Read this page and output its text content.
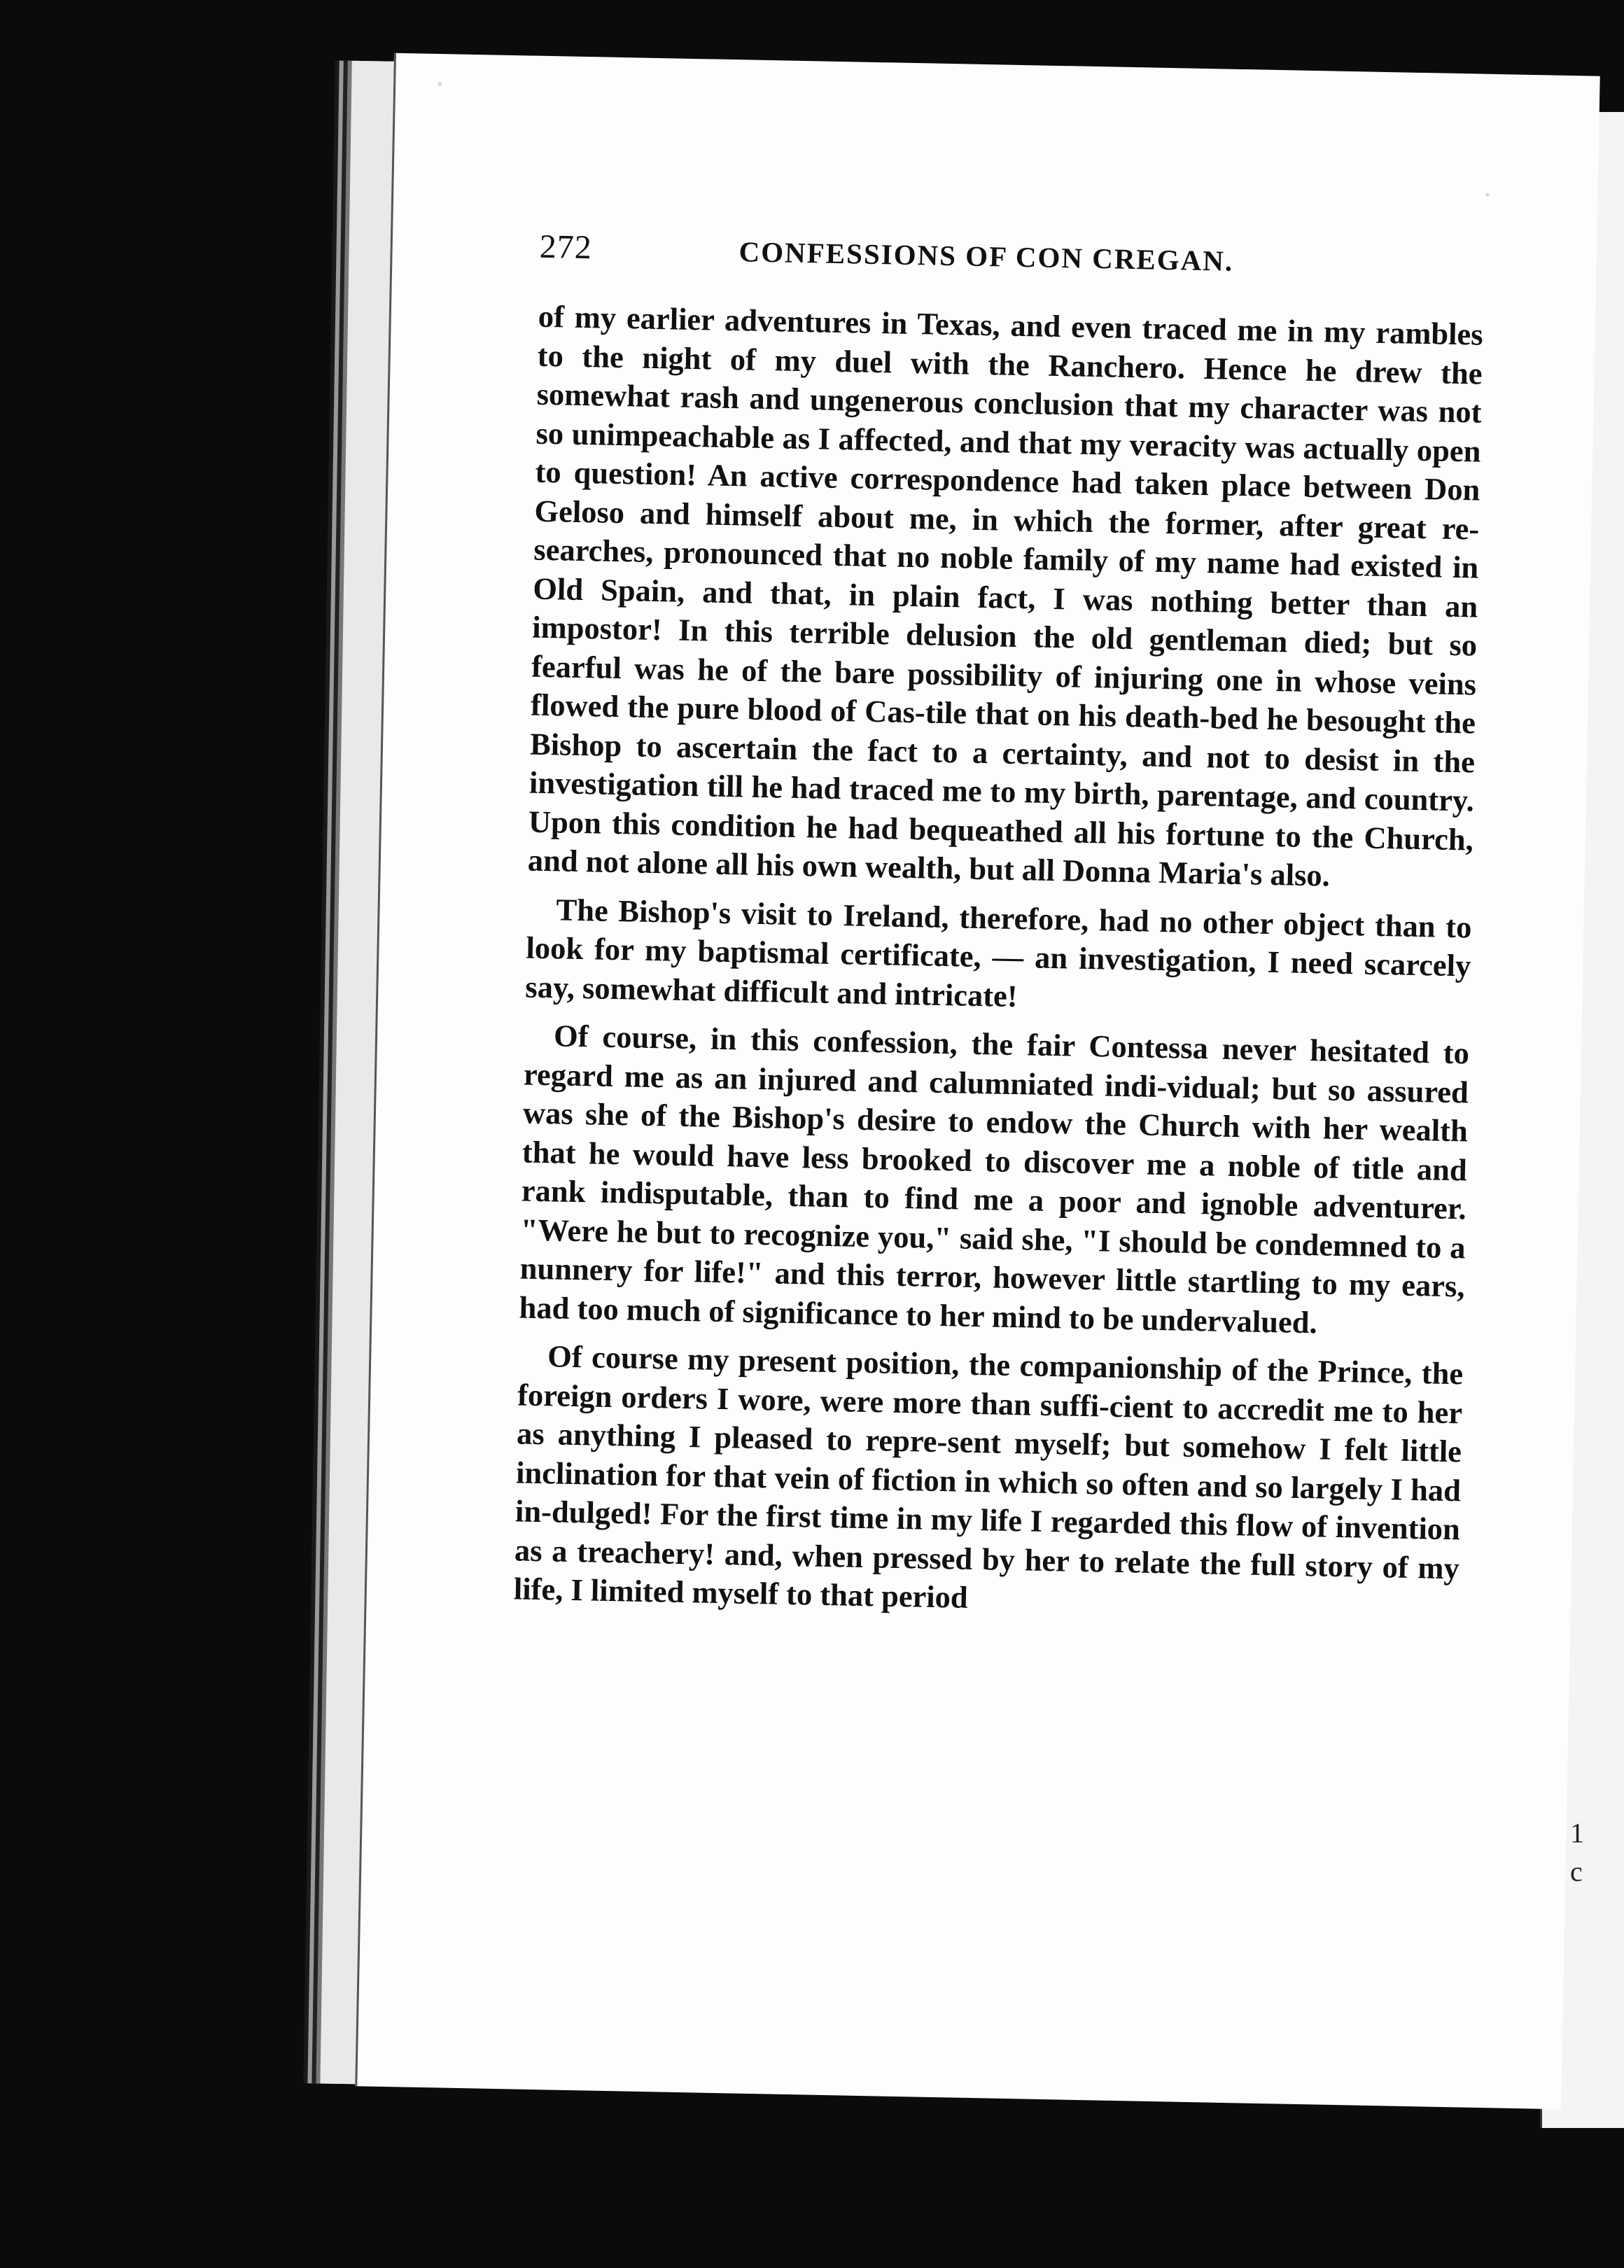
1
c
272	CONFESSIONS OF CON CREGAN.

of my earlier adventures in Texas, and even traced me in my rambles to the night of my duel with the Ranchero. Hence he drew the somewhat rash and ungenerous conclusion that my character was not so unimpeachable as I affected, and that my veracity was actually open to question! An active correspondence had taken place between Don Geloso and himself about me, in which the former, after great re-searches, pronounced that no noble family of my name had existed in Old Spain, and that, in plain fact, I was nothing better than an impostor! In this terrible delusion the old gentleman died; but so fearful was he of the bare possibility of injuring one in whose veins flowed the pure blood of Cas-tile that on his death-bed he besought the Bishop to ascertain the fact to a certainty, and not to desist in the investigation till he had traced me to my birth, parentage, and country. Upon this condition he had bequeathed all his fortune to the Church, and not alone all his own wealth, but all Donna Maria's also.

The Bishop's visit to Ireland, therefore, had no other object than to look for my baptismal certificate, — an investigation, I need scarcely say, somewhat difficult and intricate!

Of course, in this confession, the fair Contessa never hesitated to regard me as an injured and calumniated indi-vidual; but so assured was she of the Bishop's desire to endow the Church with her wealth that he would have less brooked to discover me a noble of title and rank indisputable, than to find me a poor and ignoble adventurer. "Were he but to recognize you," said she, "I should be condemned to a nunnery for life!" and this terror, however little startling to my ears, had too much of significance to her mind to be undervalued.

Of course my present position, the companionship of the Prince, the foreign orders I wore, were more than suffi-cient to accredit me to her as anything I pleased to repre-sent myself; but somehow I felt little inclination for that vein of fiction in which so often and so largely I had in-dulged! For the first time in my life I regarded this flow of invention as a treachery! and, when pressed by her to relate the full story of my life, I limited myself to that period
